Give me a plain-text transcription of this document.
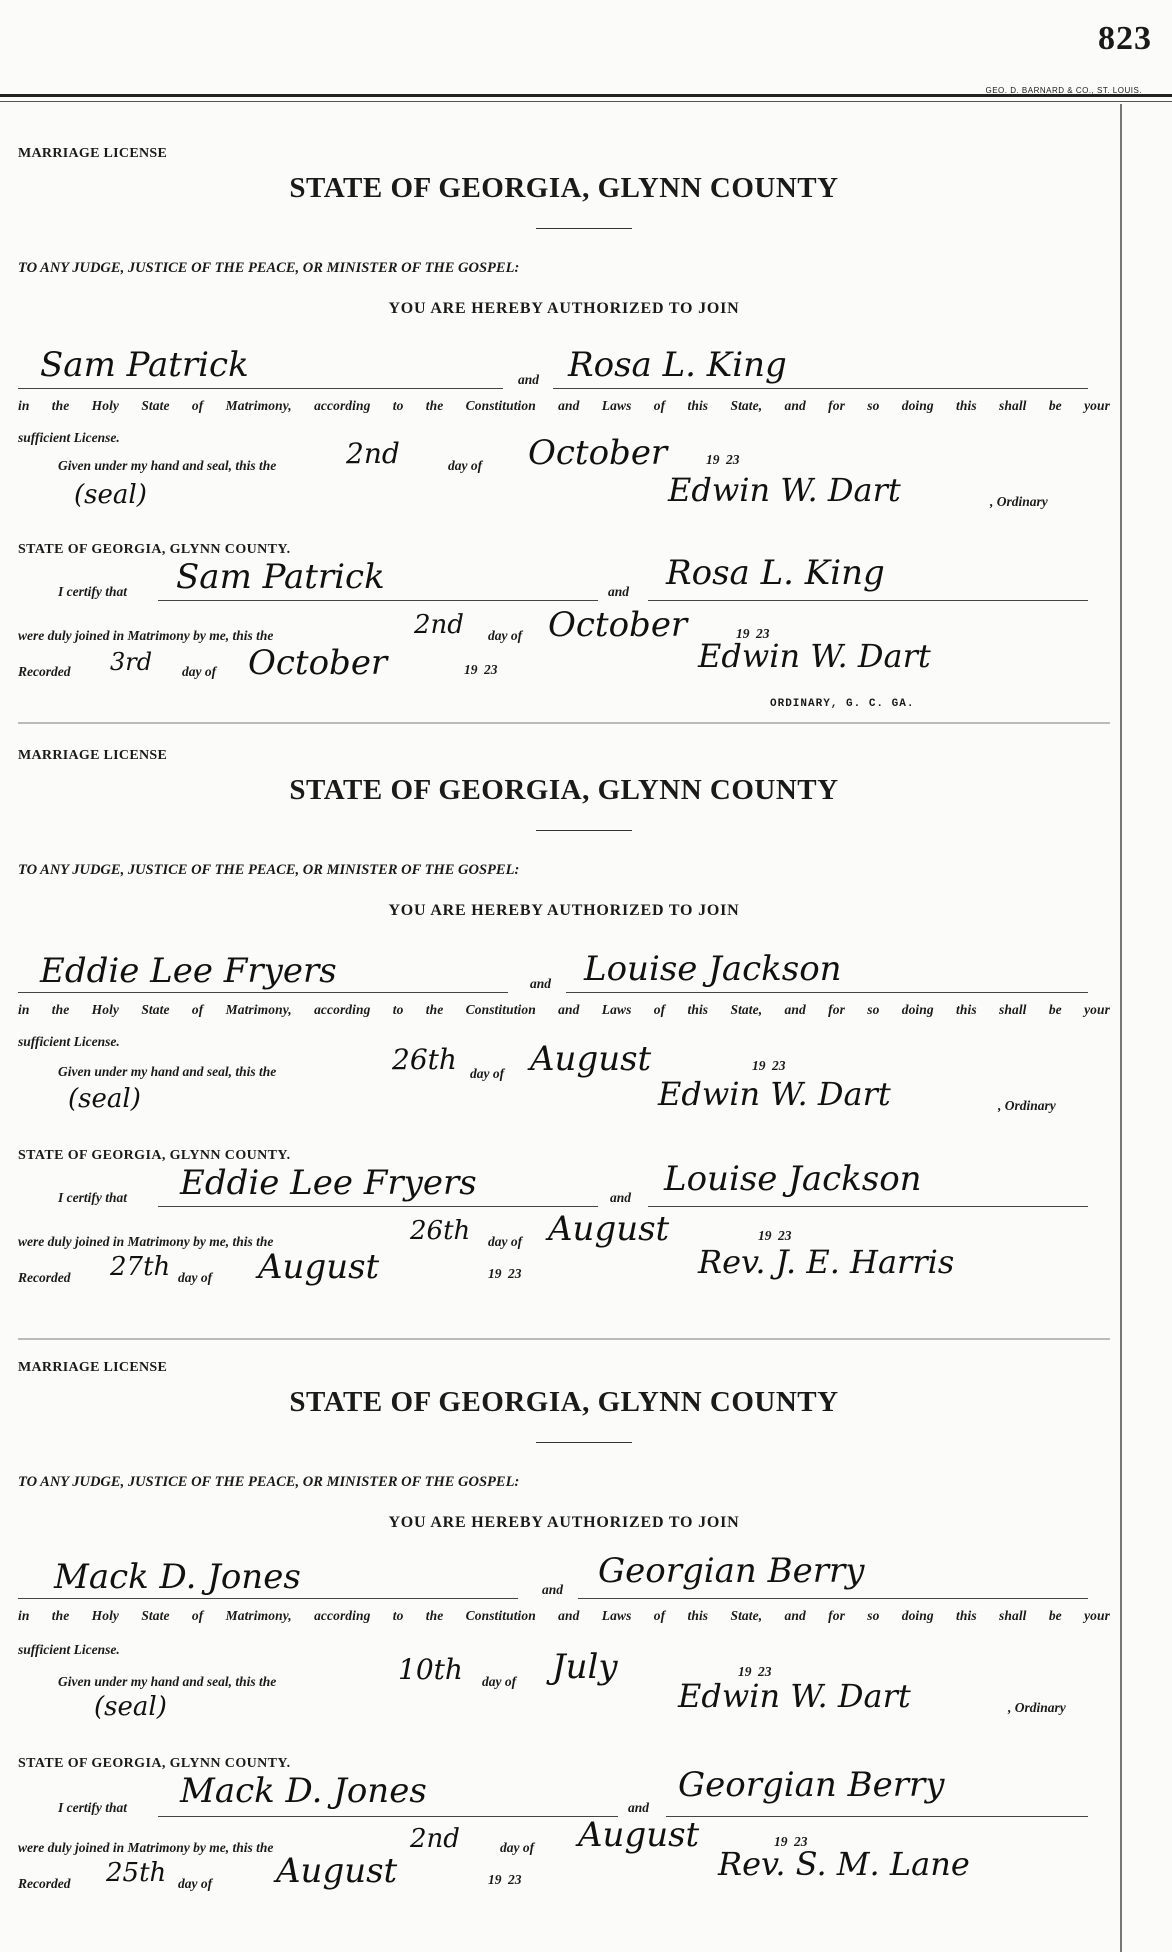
823
GEO. D. BARNARD & CO., ST. LOUIS.
MARRIAGE LICENSE
STATE OF GEORGIA, GLYNN COUNTY
TO ANY JUDGE, JUSTICE OF THE PEACE, OR MINISTER OF THE GOSPEL:
YOU ARE HEREBY AUTHORIZED TO JOIN
Sam Patrick	and Rosa L. King
in the Holy State of Matrimony, according to the Constitution and Laws of this State, and for so doing this shall be your
sufficient License.
Given under my hand and seal, this the 2nd	day of October	19 23
(seal)	Edwin W. Dart	, Ordinary
STATE OF GEORGIA, GLYNN COUNTY.
I certify that Sam Patrick	and Rosa L. King
were duly joined in Matrimony by me, this the	2nd day of October	19 23
Recorded 3rd day of October	19 23	Edwin W. Dart
ORDINARY, G. C. GA.
MARRIAGE LICENSE
STATE OF GEORGIA, GLYNN COUNTY
TO ANY JUDGE, JUSTICE OF THE PEACE, OR MINISTER OF THE GOSPEL:
YOU ARE HEREBY AUTHORIZED TO JOIN
Eddie Lee Fryers	and Louise Jackson
in the Holy State of Matrimony, according to the Constitution and Laws of this State, and for so doing this shall be your
sufficient License.
Given under my hand and seal, this the	26th day of August	19 23
(seal)	Edwin W. Dart	, Ordinary
STATE OF GEORGIA, GLYNN COUNTY.
I certify that Eddie Lee Fryers	and Louise Jackson
were duly joined in Matrimony by me, this the	26th day of August	19 23
Recorded 27th day of August	19 23	Rev. J. E. Harris
MARRIAGE LICENSE
STATE OF GEORGIA, GLYNN COUNTY
TO ANY JUDGE, JUSTICE OF THE PEACE, OR MINISTER OF THE GOSPEL:
YOU ARE HEREBY AUTHORIZED TO JOIN
Mack D. Jones	and Georgian Berry
in the Holy State of Matrimony, according to the Constitution and Laws of this State, and for so doing this shall be your
sufficient License.
Given under my hand and seal, this the	10th day of July	19 23
(seal)	Edwin W. Dart	, Ordinary
STATE OF GEORGIA, GLYNN COUNTY.
I certify that Mack D. Jones	and
Georgian Berry
were duly joined in Matrimony by me, this the	2nd	day of August	19 23
Recorded 25th day of August	19 23	Rev. S. M. Lane
